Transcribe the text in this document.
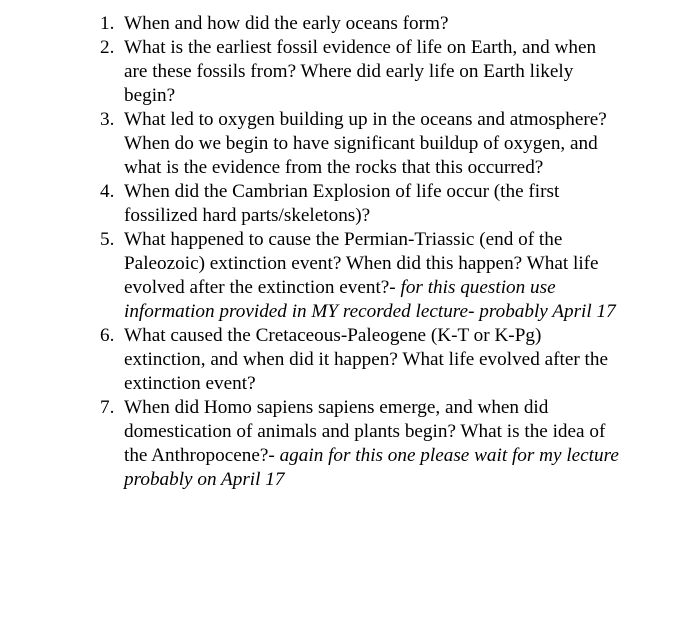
1. When and how did the early oceans form?
2. What is the earliest fossil evidence of life on Earth, and when are these fossils from? Where did early life on Earth likely begin?
3. What led to oxygen building up in the oceans and atmosphere? When do we begin to have significant buildup of oxygen, and what is the evidence from the rocks that this occurred?
4. When did the Cambrian Explosion of life occur (the first fossilized hard parts/skeletons)?
5. What happened to cause the Permian-Triassic (end of the Paleozoic) extinction event? When did this happen? What life evolved after the extinction event?- for this question use information provided in MY recorded lecture- probably April 17
6. What caused the Cretaceous-Paleogene (K-T or K-Pg) extinction, and when did it happen? What life evolved after the extinction event?
7. When did Homo sapiens sapiens emerge, and when did domestication of animals and plants begin? What is the idea of the Anthropocene?- again for this one please wait for my lecture probably on April 17
